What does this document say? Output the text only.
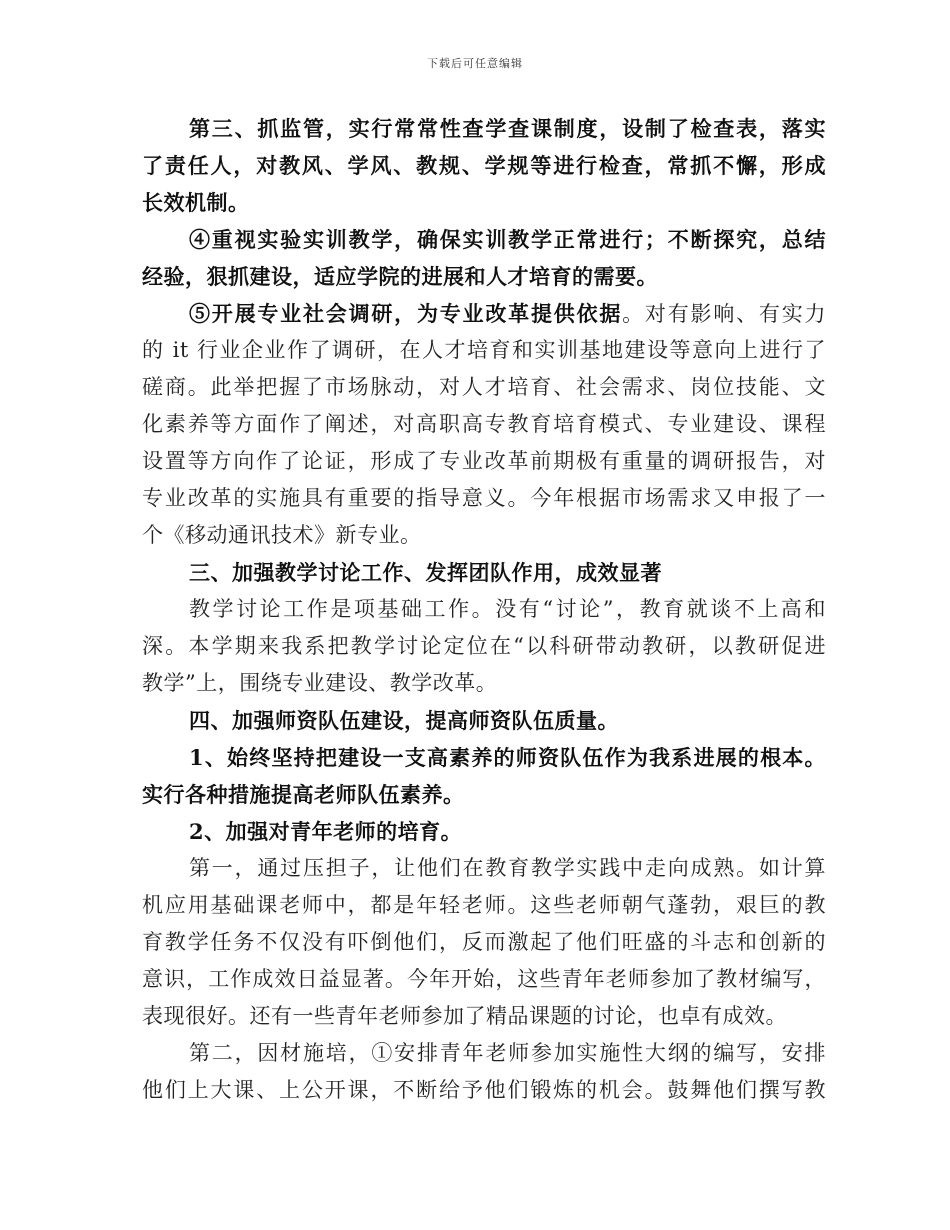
下载后可任意编辑
第三、抓监管，实行常常性查学查课制度，设制了检查表，落实
了责任人，对教风、学风、教规、学规等进行检查，常抓不懈，形成
长效机制。
④重视实验实训教学，确保实训教学正常进行；不断探究，总结
经验，狠抓建设，适应学院的进展和人才培育的需要。
⑤开展专业社会调研，为专业改革提供依据。对有影响、有实力
的 it 行业企业作了调研，在人才培育和实训基地建设等意向上进行了
磋商。此举把握了市场脉动，对人才培育、社会需求、岗位技能、文
化素养等方面作了阐述，对高职高专教育培育模式、专业建设、课程
设置等方向作了论证，形成了专业改革前期极有重量的调研报告，对
专业改革的实施具有重要的指导意义。今年根据市场需求又申报了一
个《移动通讯技术》新专业。
三、加强教学讨论工作、发挥团队作用，成效显著
教学讨论工作是项基础工作。没有“讨论”，教育就谈不上高和
深。本学期来我系把教学讨论定位在“以科研带动教研，以教研促进
教学”上，围绕专业建设、教学改革。
四、加强师资队伍建设，提高师资队伍质量。
1、始终坚持把建设一支高素养的师资队伍作为我系进展的根本。
实行各种措施提高老师队伍素养。
2、加强对青年老师的培育。
第一，通过压担子，让他们在教育教学实践中走向成熟。如计算
机应用基础课老师中，都是年轻老师。这些老师朝气蓬勃，艰巨的教
育教学任务不仅没有吓倒他们，反而激起了他们旺盛的斗志和创新的
意识，工作成效日益显著。今年开始，这些青年老师参加了教材编写，
表现很好。还有一些青年老师参加了精品课题的讨论，也卓有成效。
第二，因材施培，①安排青年老师参加实施性大纲的编写，安排
他们上大课、上公开课，不断给予他们锻炼的机会。鼓舞他们撰写教
